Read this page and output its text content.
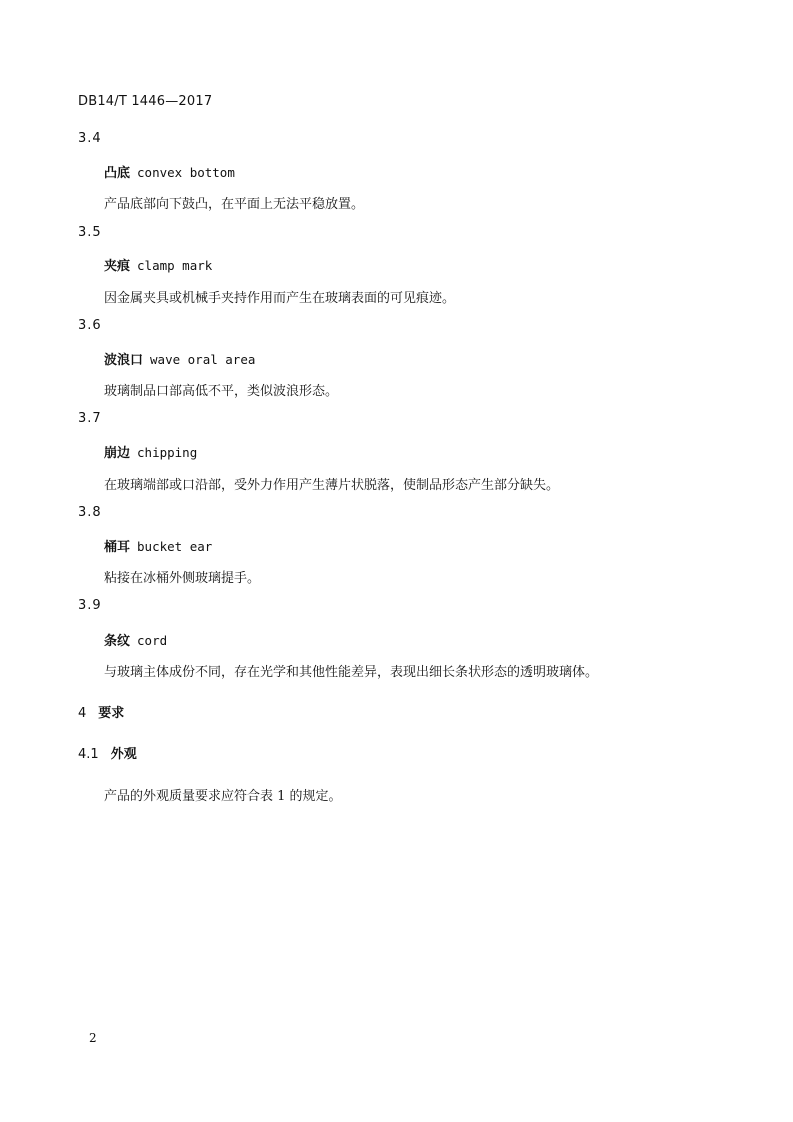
DB14/T 1446—2017
3.4
凸底 convex bottom
产品底部向下鼓凸，在平面上无法平稳放置。
3.5
夹痕 clamp mark
因金属夹具或机械手夹持作用而产生在玻璃表面的可见痕迹。
3.6
波浪口 wave oral area
玻璃制品口部高低不平，类似波浪形态。
3.7
崩边 chipping
在玻璃端部或口沿部，受外力作用产生薄片状脱落，使制品形态产生部分缺失。
3.8
桶耳 bucket ear
粘接在冰桶外侧玻璃提手。
3.9
条纹 cord
与玻璃主体成份不同，存在光学和其他性能差异，表现出细长条状形态的透明玻璃体。
4 要求
4.1 外观
产品的外观质量要求应符合表 1 的规定。
2
